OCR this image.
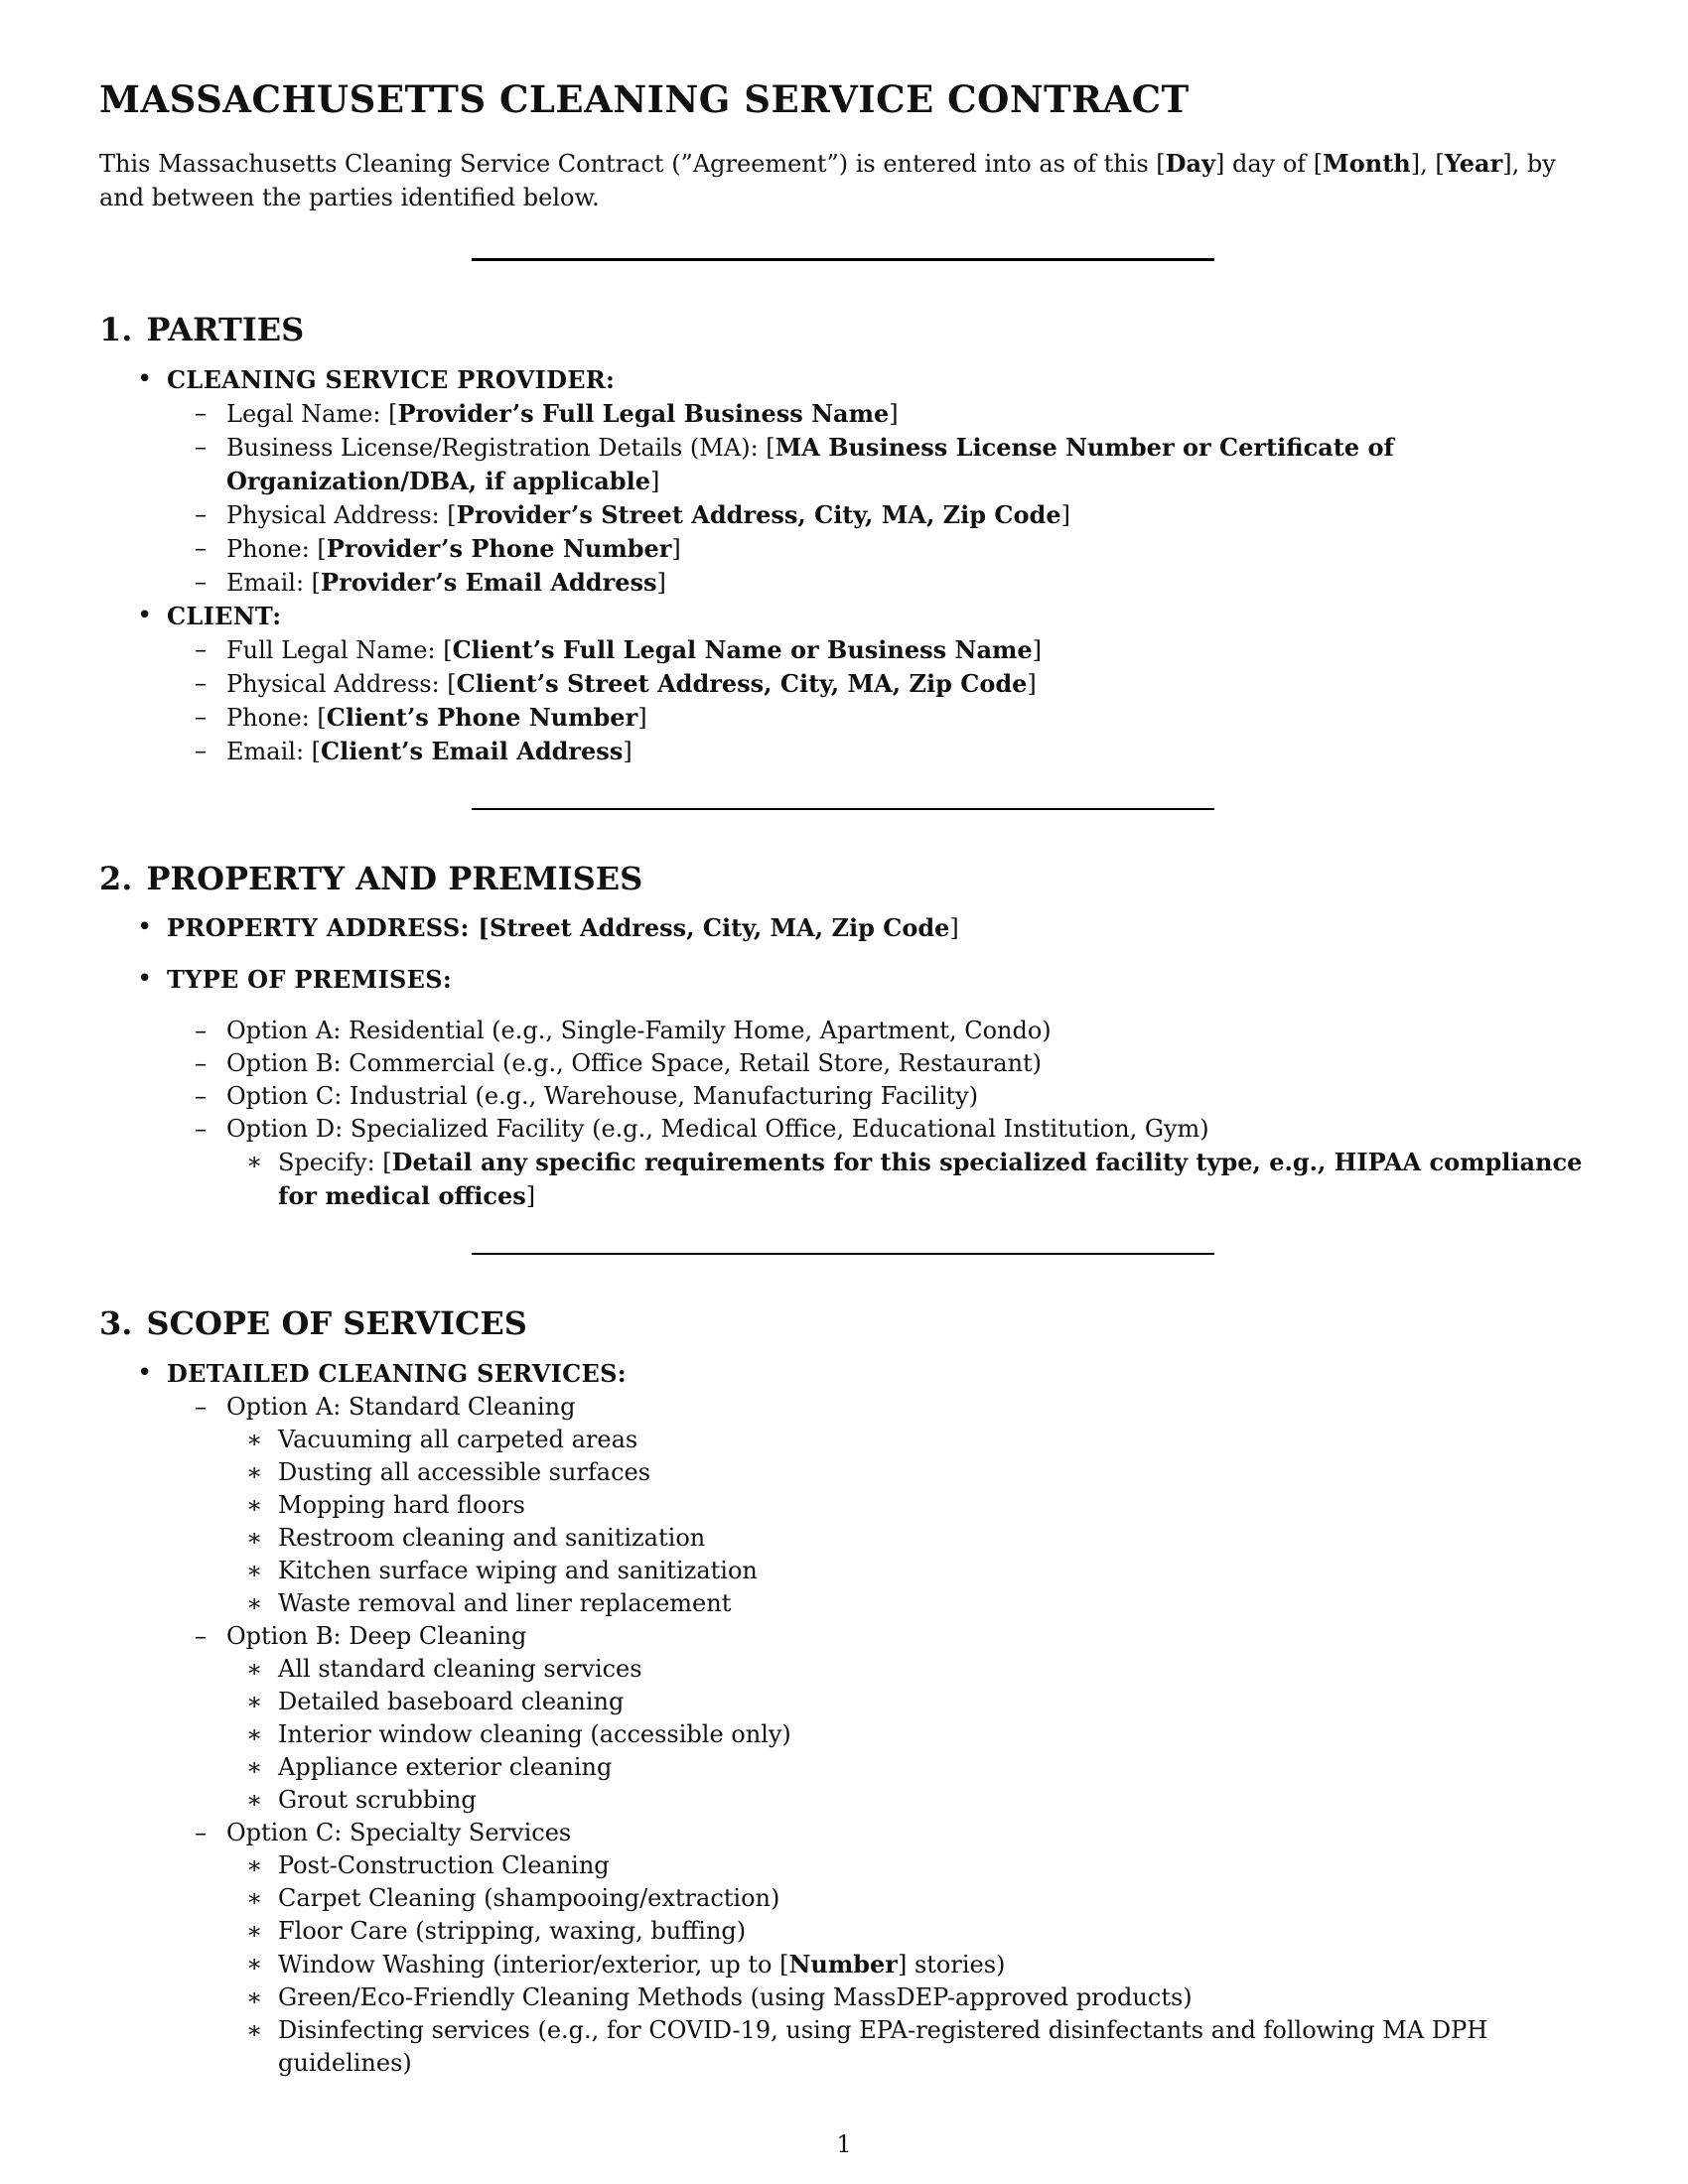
MASSACHUSETTS CLEANING SERVICE CONTRACT

This Massachusetts Cleaning Service Contract (”Agreement”) is entered into as of this [Day] day of [Month], [Year], by and between the parties identified below.

1. PARTIES
• CLEANING SERVICE PROVIDER:
– Legal Name: [Provider’s Full Legal Business Name]
– Business License/Registration Details (MA): [MA Business License Number or Certificate of Organization/DBA, if applicable]
– Physical Address: [Provider’s Street Address, City, MA, Zip Code]
– Phone: [Provider’s Phone Number]
– Email: [Provider’s Email Address]
• CLIENT:
– Full Legal Name: [Client’s Full Legal Name or Business Name]
– Physical Address: [Client’s Street Address, City, MA, Zip Code]
– Phone: [Client’s Phone Number]
– Email: [Client’s Email Address]
2. PROPERTY AND PREMISES
• PROPERTY ADDRESS: [Street Address, City, MA, Zip Code]
• TYPE OF PREMISES:
– Option A: Residential (e.g., Single-Family Home, Apartment, Condo)
– Option B: Commercial (e.g., Office Space, Retail Store, Restaurant)
– Option C: Industrial (e.g., Warehouse, Manufacturing Facility)
– Option D: Specialized Facility (e.g., Medical Office, Educational Institution, Gym)
∗ Specify: [Detail any specific requirements for this specialized facility type, e.g., HIPAA compliance for medical offices]
3. SCOPE OF SERVICES
• DETAILED CLEANING SERVICES:
– Option A: Standard Cleaning
∗ Vacuuming all carpeted areas
∗ Dusting all accessible surfaces
∗ Mopping hard floors
∗ Restroom cleaning and sanitization
∗ Kitchen surface wiping and sanitization
∗ Waste removal and liner replacement
– Option B: Deep Cleaning
∗ All standard cleaning services
∗ Detailed baseboard cleaning
∗ Interior window cleaning (accessible only)
∗ Appliance exterior cleaning
∗ Grout scrubbing
– Option C: Specialty Services
∗ Post-Construction Cleaning
∗ Carpet Cleaning (shampooing/extraction)
∗ Floor Care (stripping, waxing, buffing)
∗ Window Washing (interior/exterior, up to [Number] stories)
∗ Green/Eco-Friendly Cleaning Methods (using MassDEP-approved products)
∗ Disinfecting services (e.g., for COVID-19, using EPA-registered disinfectants and following MA DPH guidelines)
1
